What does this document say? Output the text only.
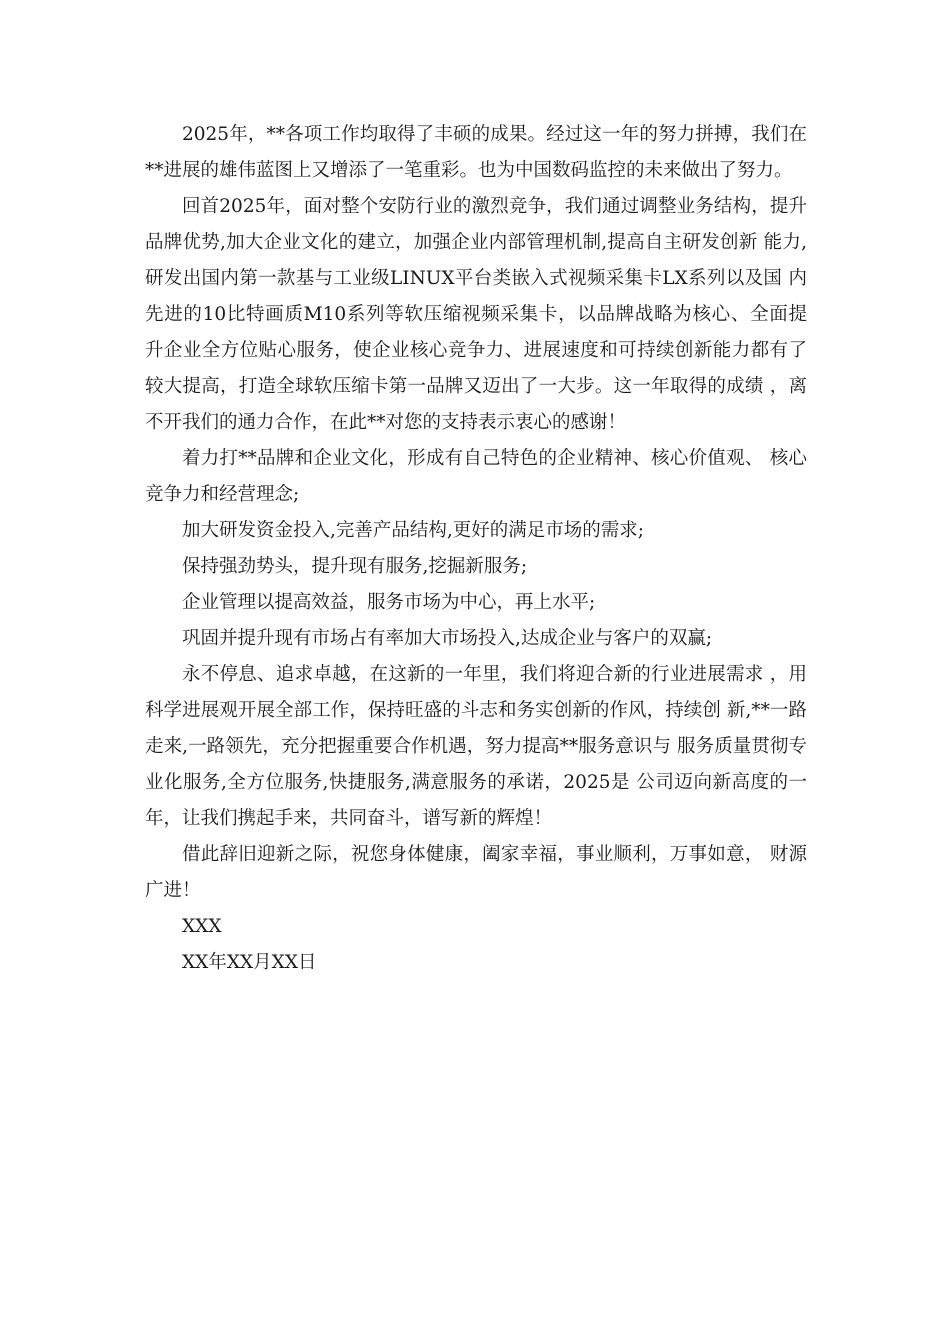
2025年，**各项工作均取得了丰硕的成果。经过这一年的努力拼搏，我们在**进展的雄伟蓝图上又增添了一笔重彩。也为中国数码监控的未来做出了努力。

回首2025年，面对整个安防行业的激烈竞争，我们通过调整业务结构，提升品牌优势,加大企业文化的建立，加强企业内部管理机制,提高自主研发创新 能力,研发出国内第一款基与工业级LINUX平台类嵌入式视频采集卡LX系列以及国 内先进的10比特画质M10系列等软压缩视频采集卡，以品牌战略为核心、全面提 升企业全方位贴心服务，使企业核心竞争力、进展速度和可持续创新能力都有了 较大提高，打造全球软压缩卡第一品牌又迈出了一大步。这一年取得的成绩 ，离不开我们的通力合作，在此**对您的支持表示衷心的感谢！

着力打**品牌和企业文化，形成有自己特色的企业精神、核心价值观、 核心竞争力和经营理念;

加大研发资金投入,完善产品结构,更好的满足市场的需求;

保持强劲势头，提升现有服务,挖掘新服务;

企业管理以提高效益，服务市场为中心，再上水平;

巩固并提升现有市场占有率加大市场投入,达成企业与客户的双赢;

永不停息、追求卓越，在这新的一年里，我们将迎合新的行业进展需求 ，用科学进展观开展全部工作，保持旺盛的斗志和务实创新的作风，持续创 新,**一路走来,一路领先，充分把握重要合作机遇，努力提高**服务意识与 服务质量贯彻专业化服务,全方位服务,快捷服务,满意服务的承诺，2025是 公司迈向新高度的一年，让我们携起手来，共同奋斗，谱写新的辉煌！

借此辞旧迎新之际，祝您身体健康，阖家幸福，事业顺利，万事如意， 财源广进！

XXX

XX年XX月XX日
